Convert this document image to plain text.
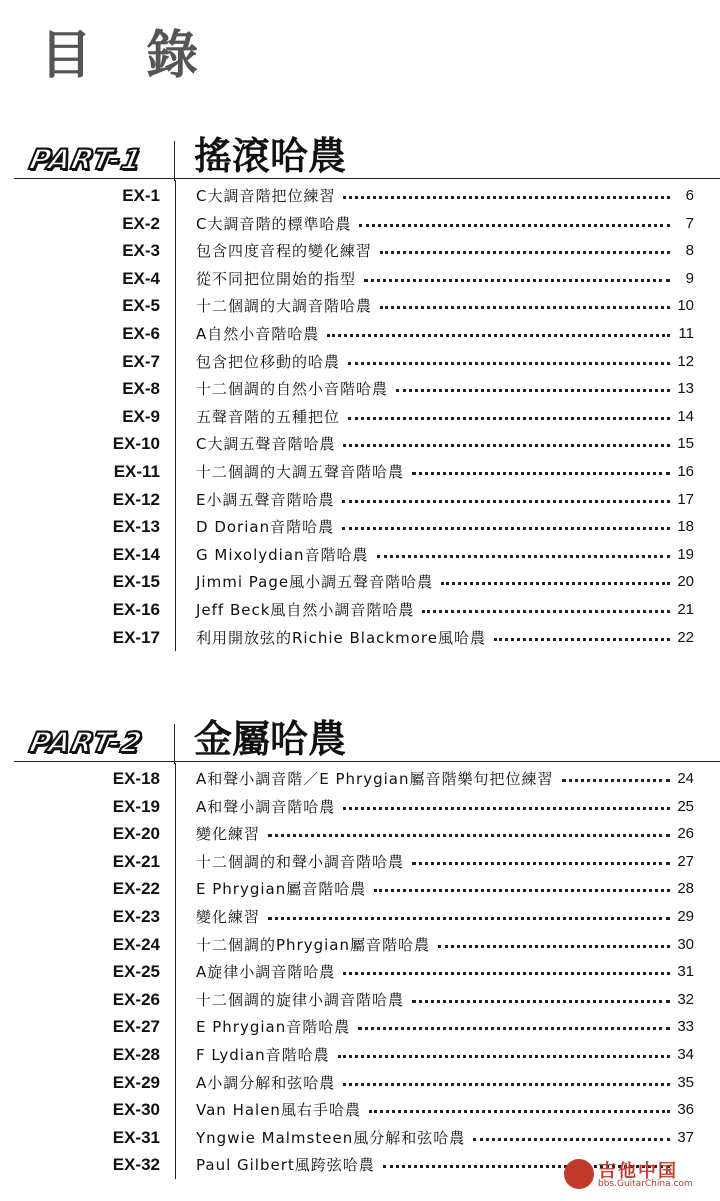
目 錄
PART-1 搖滾哈農
EX-1 C大調音階把位練習	6
EX-2 C大調音階的標準哈農	7
EX-3 包含四度音程的變化練習	8
EX-4 從不同把位開始的指型	9
EX-5 十二個調的大調音階哈農	10
EX-6 A自然小音階哈農	11
EX-7 包含把位移動的哈農	12
EX-8 十二個調的自然小音階哈農	13
EX-9 五聲音階的五種把位	14
EX-10 C大調五聲音階哈農	15
EX-11 十二個調的大調五聲音階哈農	16
EX-12 E小調五聲音階哈農	17
EX-13 D Dorian音階哈農	18
EX-14 G Mixolydian音階哈農	19
EX-15 Jimmi Page風小調五聲音階哈農	20
EX-16 Jeff Beck風自然小調音階哈農	21
EX-17 利用開放弦的Richie Blackmore風哈農	22
PART-2 金屬哈農
EX-18 A和聲小調音階／E Phrygian屬音階樂句把位練習	24
EX-19 A和聲小調音階哈農	25
EX-20 變化練習	26
EX-21 十二個調的和聲小調音階哈農	27
EX-22 E Phrygian屬音階哈農	28
EX-23 變化練習	29
EX-24 十二個調的Phrygian屬音階哈農	30
EX-25 A旋律小調音階哈農	31
EX-26 十二個調的旋律小調音階哈農	32
EX-27 E Phrygian音階哈農	33
EX-28 F Lydian音階哈農	34
EX-29 A小調分解和弦哈農	35
EX-30 Van Halen風右手哈農	36
EX-31 Yngwie Malmsteen風分解和弦哈農	37
EX-32 Paul Gilbert風跨弦哈農	吉他中国
bbs.GuitarChina.com
